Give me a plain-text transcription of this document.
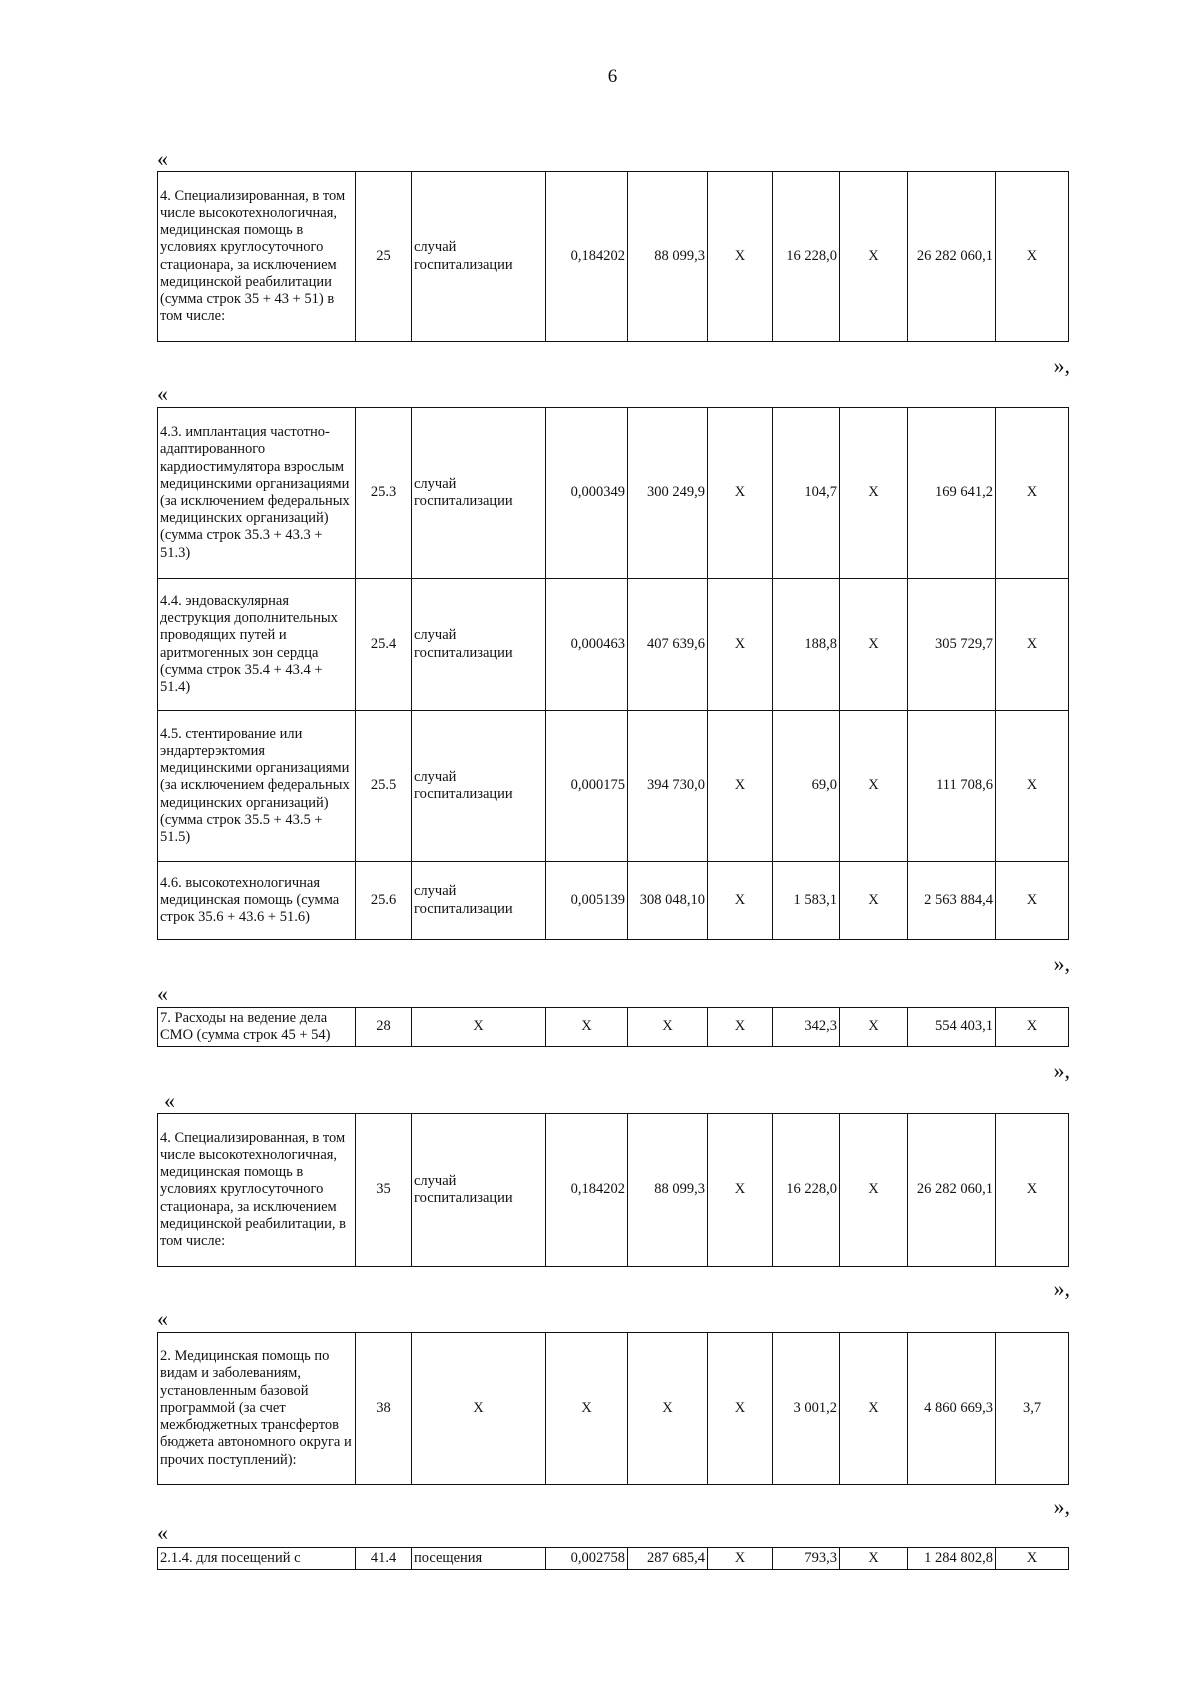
6
«
4. Специализированная, в том числе высокотехнологичная, медицинская помощь в условиях круглосуточного стационара, за исключением медицинской реабилитации (сумма строк 35 + 43 + 51) в том числе:	25	случай госпитализации	0,184202	88 099,3	X	16 228,0	X	26 282 060,1	X
»,
«
4.3. имплантация частотно-адаптированного кардиостимулятора взрослым медицинскими организациями (за исключением федеральных медицинских организаций) (сумма строк 35.3 + 43.3 + 51.3)	25.3	случай госпитализации	0,000349	300 249,9	X	104,7	X	169 641,2	X
4.4. эндоваскулярная деструкция дополнительных проводящих путей и аритмогенных зон сердца (сумма строк 35.4 + 43.4 + 51.4)	25.4	случай госпитализации	0,000463	407 639,6	X	188,8	X	305 729,7	X
4.5. стентирование или эндартерэктомия медицинскими организациями (за исключением федеральных медицинских организаций) (сумма строк 35.5 + 43.5 + 51.5)	25.5	случай госпитализации	0,000175	394 730,0	X	69,0	X	111 708,6	X
4.6. высокотехнологичная медицинская помощь (сумма строк 35.6 + 43.6 + 51.6)	25.6	случай госпитализации	0,005139	308 048,10	X	1 583,1	X	2 563 884,4	X
»,
«
7. Расходы на ведение дела СМО (сумма строк 45 + 54)	28	X	X	X	X	342,3	X	554 403,1	X
»,
«
4. Специализированная, в том числе высокотехнологичная, медицинская помощь в условиях круглосуточного стационара, за исключением медицинской реабилитации, в том числе:	35	случай госпитализации	0,184202	88 099,3	X	16 228,0	X	26 282 060,1	X
»,
«
2. Медицинская помощь по видам и заболеваниям, установленным базовой программой (за счет межбюджетных трансфертов бюджета автономного округа и прочих поступлений):	38	X	X	X	X	3 001,2	X	4 860 669,3	3,7
»,
«
2.1.4. для посещений с	41.4	посещения	0,002758	287 685,4	X	793,3	X	1 284 802,8	X
